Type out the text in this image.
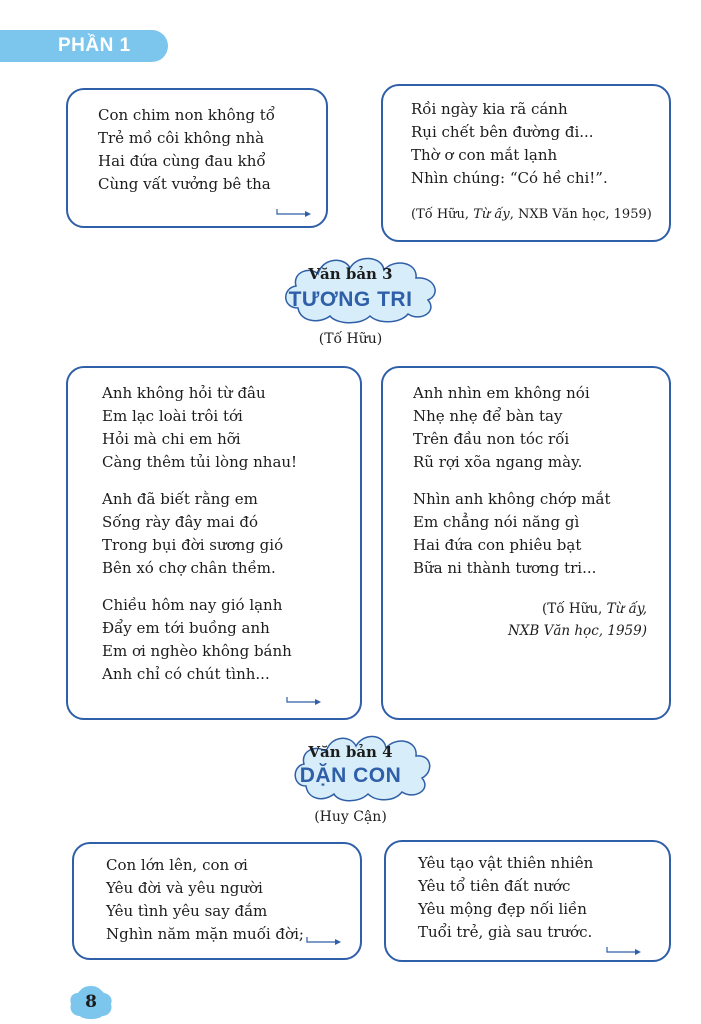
PHẦN 1
Con chim non không tổ
Trẻ mồ côi không nhà
Hai đứa cùng đau khổ
Cùng vất vưởng bê tha
Rồi ngày kia rã cánh
Rụi chết bên đường đi...
Thờ ơ con mắt lạnh
Nhìn chúng: “Có hề chi!”.
(Tố Hữu, Từ ấy, NXB Văn học, 1959)
Văn bản 3
TƯƠNG TRI
(Tố Hữu)
Anh không hỏi từ đâu
Em lạc loài trôi tới
Hỏi mà chi em hỡi
Càng thêm tủi lòng nhau!
Anh đã biết rằng em
Sống rày đây mai đó
Trong bụi đời sương gió
Bên xó chợ chân thềm.
Chiều hôm nay gió lạnh
Đẩy em tới buồng anh
Em ơi nghèo không bánh
Anh chỉ có chút tình...
Anh nhìn em không nói
Nhẹ nhẹ để bàn tay
Trên đầu non tóc rối
Rũ rợi xõa ngang mày.
Nhìn anh không chớp mắt
Em chẳng nói năng gì
Hai đứa con phiêu bạt
Bữa ni thành tương tri...
(Tố Hữu, Từ ấy,
NXB Văn học, 1959)
Văn bản 4
DẶN CON
(Huy Cận)
Con lớn lên, con ơi
Yêu đời và yêu người
Yêu tình yêu say đắm
Nghìn năm mặn muối đời;
Yêu tạo vật thiên nhiên
Yêu tổ tiên đất nước
Yêu mộng đẹp nối liền
Tuổi trẻ, già sau trước.
8
